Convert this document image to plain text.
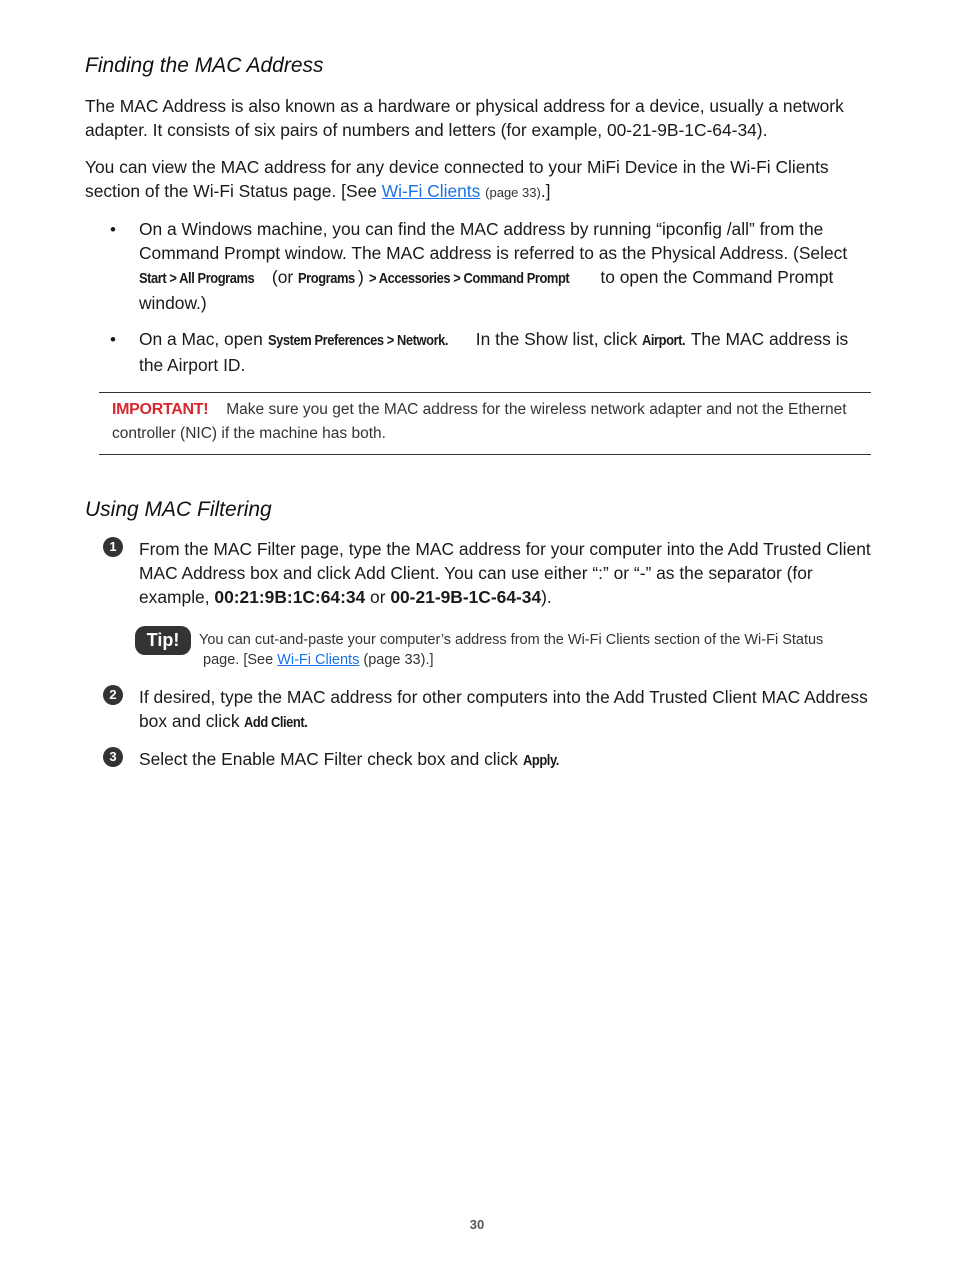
Finding the MAC Address

The MAC Address is also known as a hardware or physical address for a device, usually a network adapter. It consists of six pairs of numbers and letters (for example, 00-21-9B-1C-64-34).

You can view the MAC address for any device connected to your MiFi Device in the Wi-Fi Clients section of the Wi-Fi Status page. [See Wi-Fi Clients (page 33).]

• On a Windows machine, you can find the MAC address by running “ipconfig /all” from the Command Prompt window. The MAC address is referred to as the Physical Address. (Select Start > All Programs (or Programs ) > Accessories > Command Prompt to open the Command Prompt window.)

• On a Mac, open System Preferences > Network. In the Show list, click Airport. The MAC address is the Airport ID.

IMPORTANT! Make sure you get the MAC address for the wireless network adapter and not the Ethernet controller (NIC) if the machine has both.

Using MAC Filtering
1	From the MAC Filter page, type the MAC address for your computer into the Add Trusted Client MAC Address box and click Add Client. You can use either “:” or “-” as the separator (for example, 00:21:9B:1C:64:34 or 00-21-9B-1C-64-34).

Tip!	You can cut-and-paste your computer’s address from the Wi-Fi Clients section of the Wi-Fi Status
page. [See Wi-Fi Clients (page 33).]

2	If desired, type the MAC address for other computers into the Add Trusted Client MAC Address box and click Add Client.

3	Select the Enable MAC Filter check box and click Apply.

30
